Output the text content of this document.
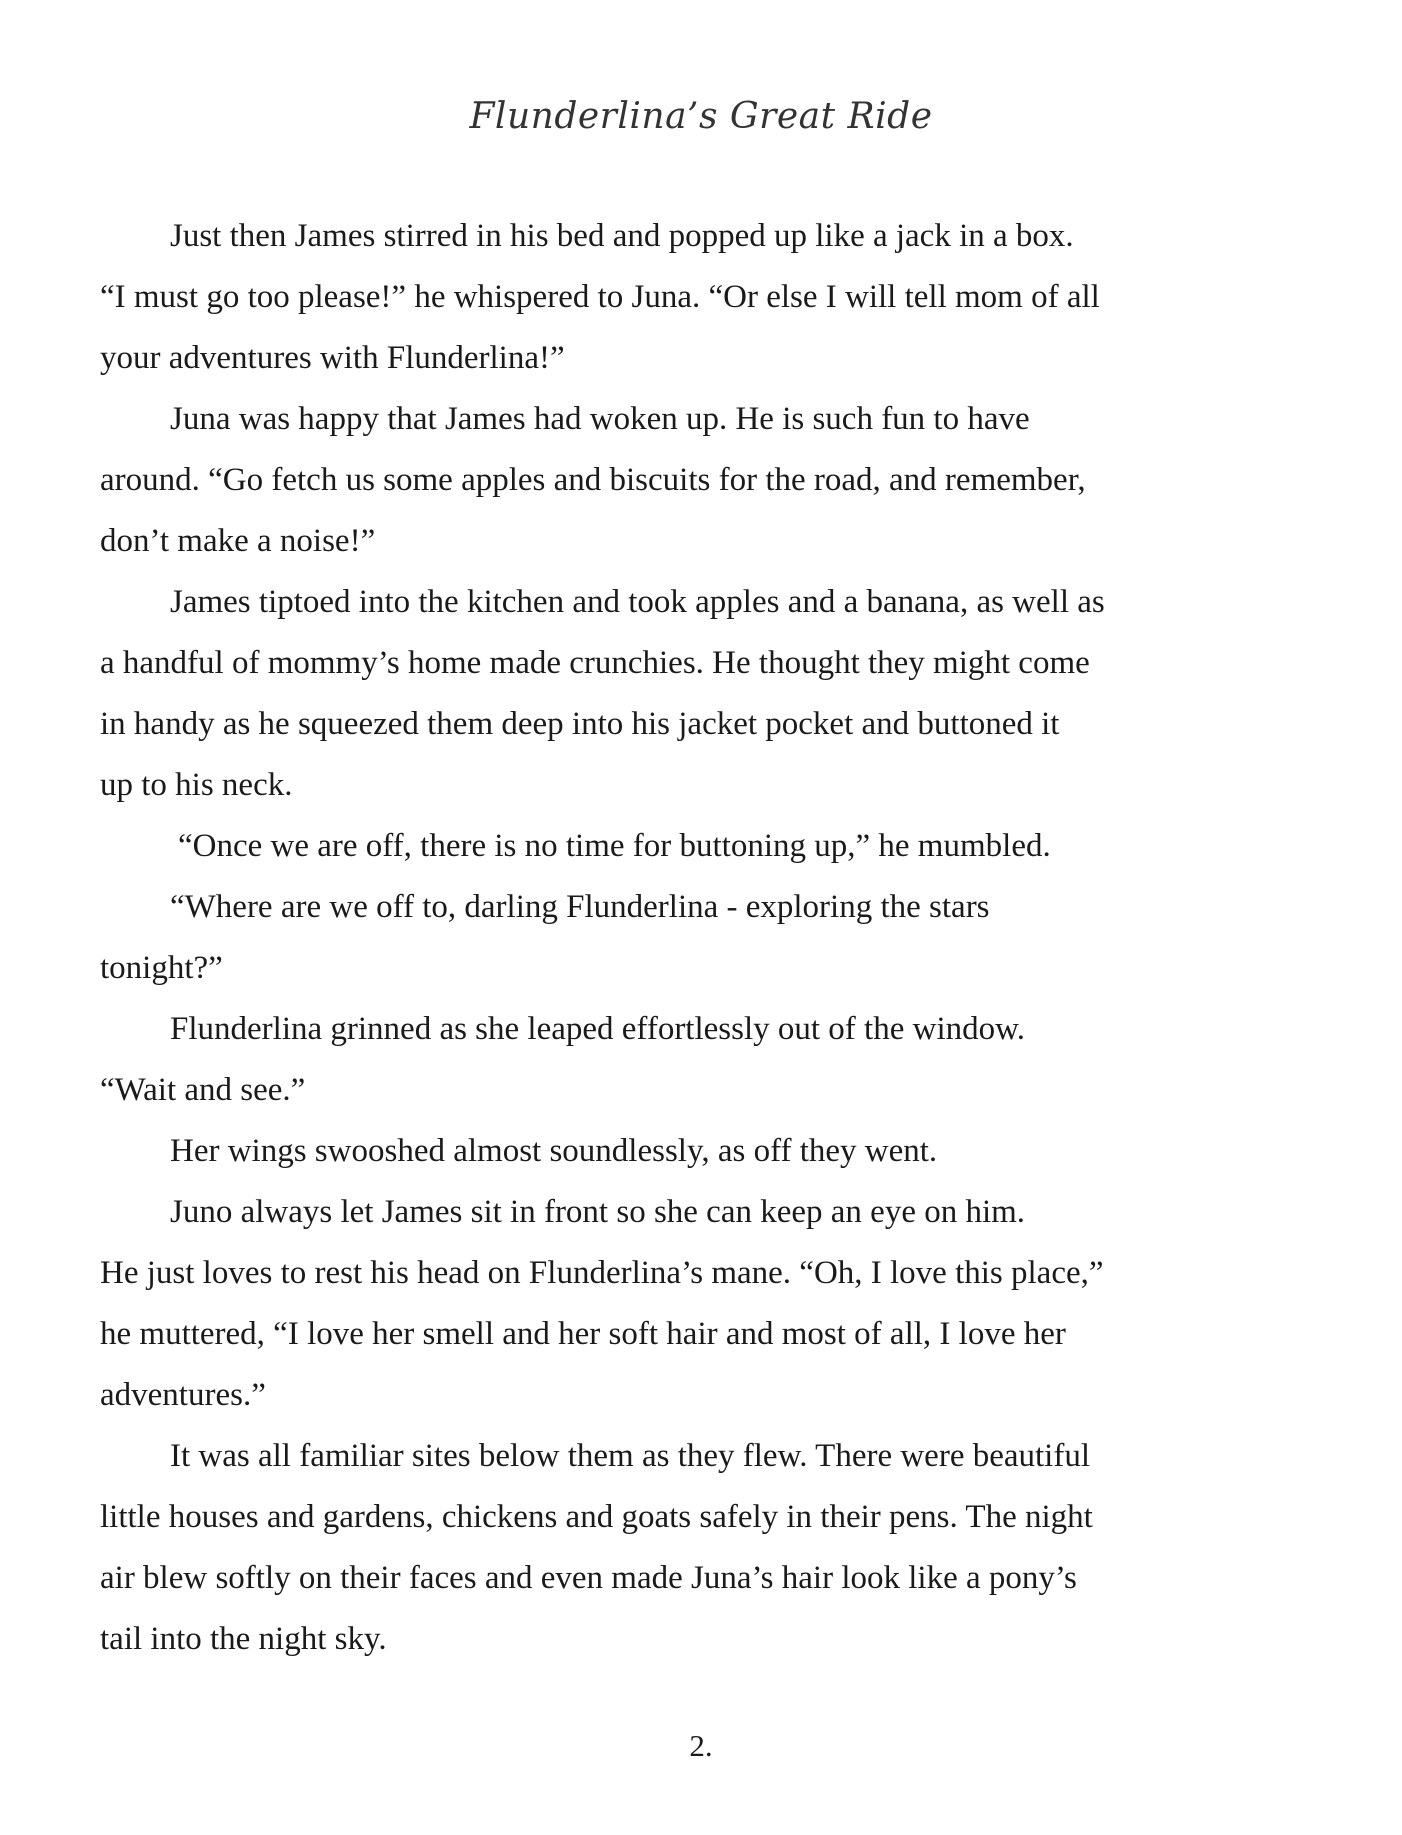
Flunderlina’s Great Ride
Just then James stirred in his bed and popped up like a jack in a box.
“I must go too please!” he whispered to Juna. “Or else I will tell mom of all
your adventures with Flunderlina!”
Juna was happy that James had woken up. He is such fun to have
around. “Go fetch us some apples and biscuits for the road, and remember,
don’t make a noise!”
James tiptoed into the kitchen and took apples and a banana, as well as
a handful of mommy’s home made crunchies. He thought they might come
in handy as he squeezed them deep into his jacket pocket and buttoned it
up to his neck.
“Once we are off, there is no time for buttoning up,” he mumbled.
“Where are we off to, darling Flunderlina - exploring the stars
tonight?”
Flunderlina grinned as she leaped effortlessly out of the window.
“Wait and see.”
Her wings swooshed almost soundlessly, as off they went.
Juno always let James sit in front so she can keep an eye on him.
He just loves to rest his head on Flunderlina’s mane. “Oh, I love this place,”
he muttered, “I love her smell and her soft hair and most of all, I love her
adventures.”
It was all familiar sites below them as they flew. There were beautiful
little houses and gardens, chickens and goats safely in their pens. The night
air blew softly on their faces and even made Juna’s hair look like a pony’s
tail into the night sky.
2.
